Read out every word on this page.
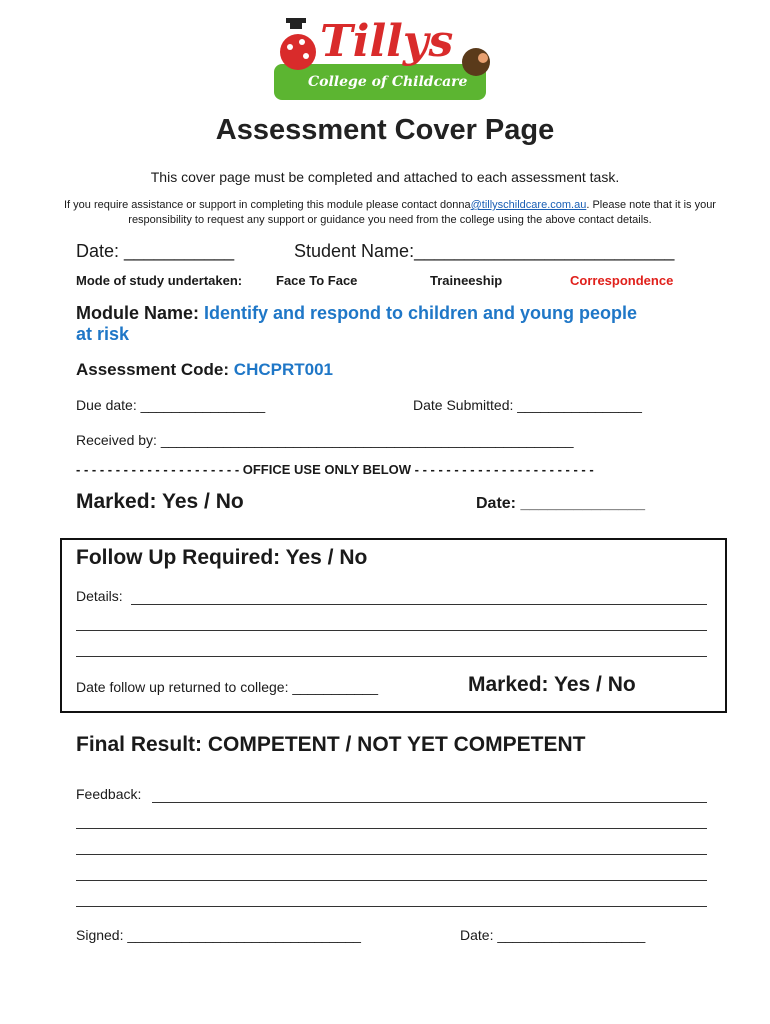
Tillys
College of Childcare
Assessment Cover Page
This cover page must be completed and attached to each assessment task.
If you require assistance or support in completing this module please contact donna@tillyschildcare.com.au. Please note that it is your responsibility to request any support or guidance you need from the college using the above contact details.
Date: ___________	Student Name:__________________________
Mode of study undertaken:	Face To Face	Traineeship	Correspondence
Module Name: Identify and respond to children and young people
at risk
Assessment Code: CHCPRT001
Due date: ________________	Date Submitted: ________________
Received by: _____________________________________________________
- - - - - - - - - - - - - - - - - - - - - OFFICE USE ONLY BELOW - - - - - - - - - - - - - - - - - - - - - - -
Marked: Yes / No	Date: ______________
Follow Up Required: Yes / No
Details:
Date follow up returned to college: ___________	Marked: Yes / No
Final Result: COMPETENT / NOT YET COMPETENT
Feedback:
Signed: ______________________________	Date: ___________________
